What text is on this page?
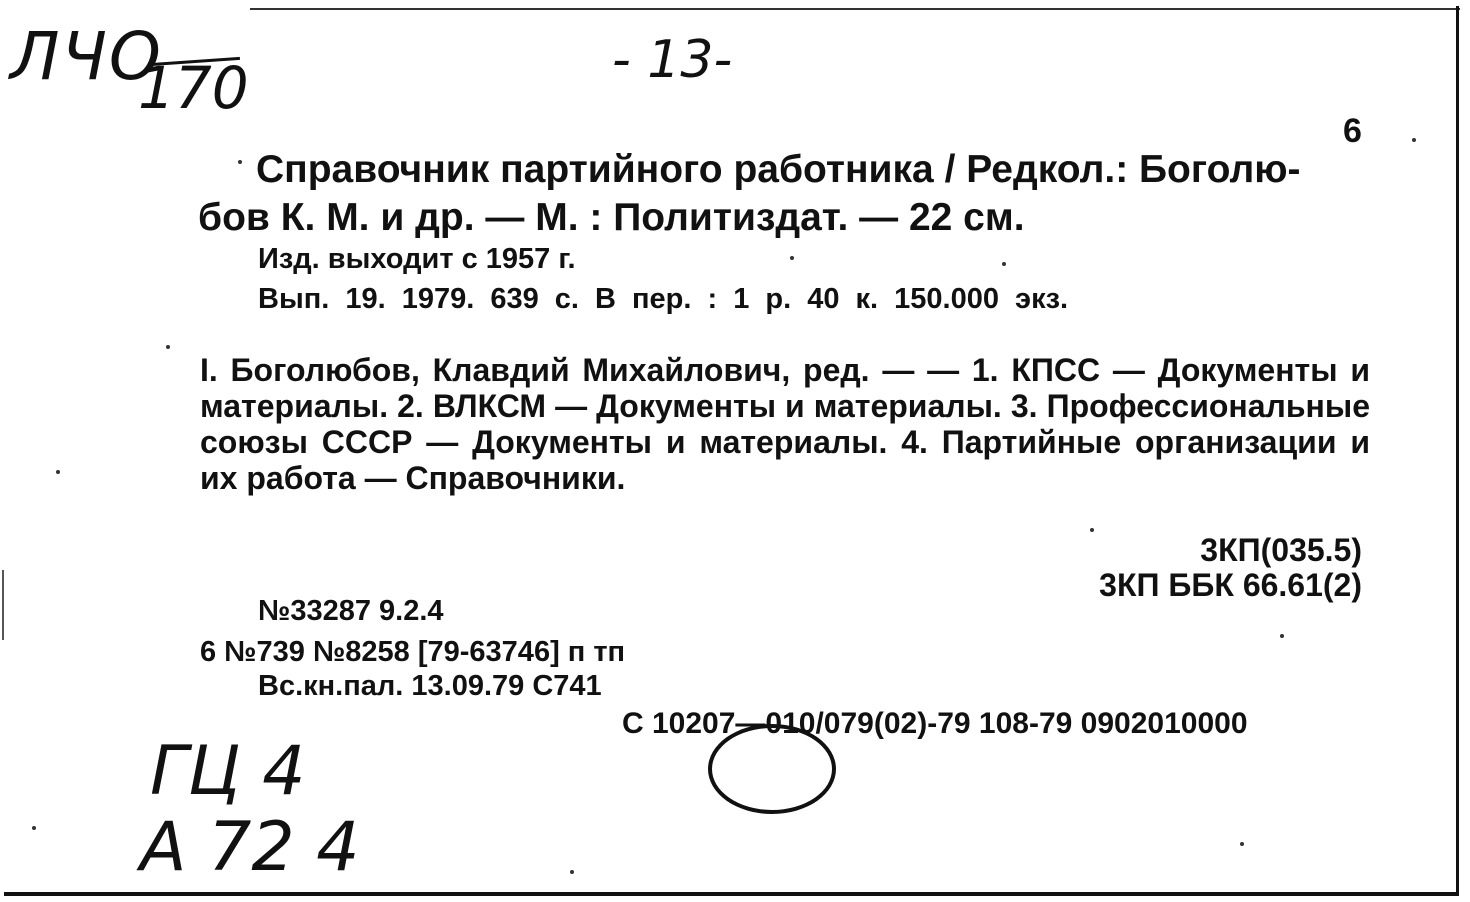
ЛЧО
170	- 13-
6
Справочник партийного работника / Редкол.: Боголю-
бов К. М. и др. — М. : Политиздат. — 22 см.
Изд. выходит с 1957 г.
Вып. 19. 1979. 639 с. В пер. : 1 р. 40 к. 150.000 экз.
I. Боголюбов, Клавдий Михайлович, ред. — — 1. КПСС — Документы и материалы. 2. ВЛКСМ — Документы и материалы. 3. Профессиональные союзы СССР — Документы и материалы. 4. Партийные организации и их работа — Справочники.
3КП(035.5)
3КП ББК 66.61(2)
№33287 9.2.4
6 №739 №8258 [79-63746] п тп
Вс.кн.пал. 13.09.79 С741
С 10207—010/079(02)-79 108-79 0902010000
ГЦ 4
А 72 4
